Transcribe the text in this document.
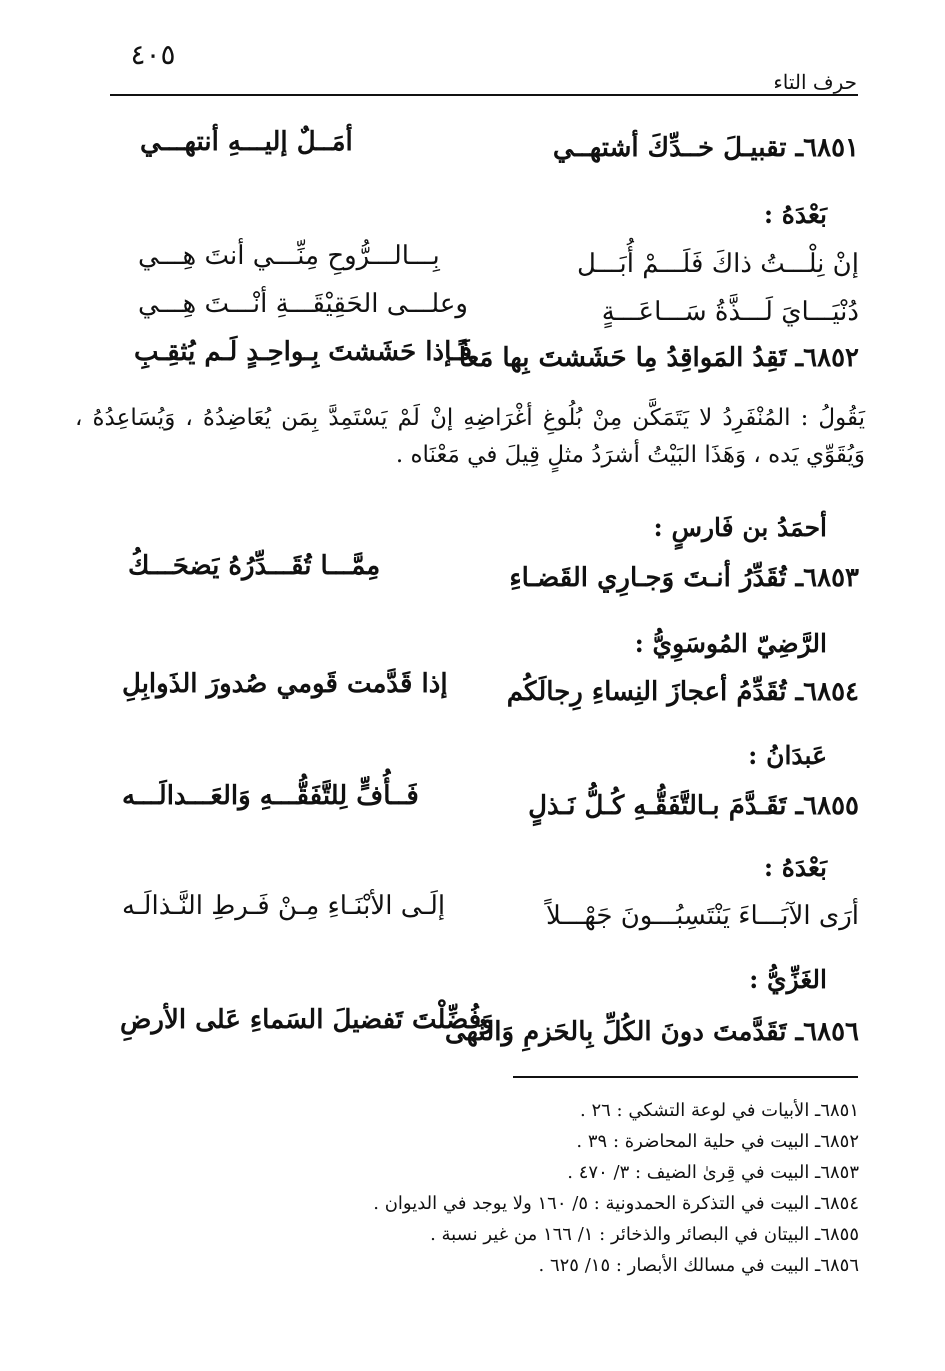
٤٠٥
حرف التاء
٦٨٥١ـ تقبيـلَ خــدِّكَ أشتهــي
أمَــلٌ إليـــهِ أنتهـــي
بَعْدَهُ :
إنْ نِلْـــتُ ذاكَ فَلَـــمْ أُبَـــل
بِـــالـــرُّوحِ مِنِّـــي أنتَ هِـــي
دُنْيَـــايَ لَـــذَّةُ سَـــاعَـــةٍ
وعلـــى الحَقِيْقَـــةِ أنْـــتَ هِـــي
٦٨٥٢ـ تَقِدُ المَواقِدُ مِا حَشَشتَ بِها مَعاً
فَـإذا حَشَشتَ بِـواحِـدٍ لَـم يُثقِـبِ
يَقُولُ : المُنْفَرِدُ لا يَتَمَكَّن مِنْ بُلُوغِ أغْرَاضِهِ إنْ لَمْ يَسْتَمِدَّ بِمَن يُعَاضِدُهُ ، وَيُسَاعِدُهُ ، وَيُقَوِّي يَده ، وَهَذَا البَيْتُ أشرَدُ مثلٍ قِيلَ في مَعْنَاه .
أحمَدُ بن فَارسٍ :
٦٨٥٣ـ تُقَدِّرُ أنـتَ وَجـارِي القَضـاءِ
مِمَّـــا تُقَـــدِّرُهُ يَضحَـــكُ
الرَّضِيّ المُوسَوِيُّ :
٦٨٥٤ـ تُقَدِّمُ أعجازَ النِساءِ رِجالَكُم
إذا قَدَّمت قَومي صُدورَ الذَوابِلِ
عَبدَانُ :
٦٨٥٥ـ تَقَـدَّمَ بـالتَّفَقُّـهِ كُـلُّ نَـذلٍ
فَــأُفٍّ لِلتَّفَقُّـــهِ وَالعَـــدالَـــه
بَعْدَهُ :
أرَى الآبَـــاءَ يَنْتَسِبُـــونَ جَهْـــلاً
إلَـى الأبْنَـاءِ مِـنْ فَـرطِ النَّـذالَـه
الغَزِّيُّ :
٦٨٥٦ـ تَقَدَّمتَ دونَ الكُلِّ بِالحَزمِ وَالنُهى
وَفُضِّلْتَ تَفضيلَ السَماءِ عَلى الأرضِ
٦٨٥١ـ الأبيات في لوعة التشكي : ٢٦ .
٦٨٥٢ـ البيت في حلية المحاضرة : ٣٩ .
٦٨٥٣ـ البيت في قِرىٰ الضيف : ٣/ ٤٧٠ .
٦٨٥٤ـ البيت في التذكرة الحمدونية : ٥/ ١٦٠ ولا يوجد في الديوان .
٦٨٥٥ـ البيتان في البصائر والذخائر : ١/ ١٦٦ من غير نسبة .
٦٨٥٦ـ البيت في مسالك الأبصار : ١٥/ ٦٢٥ .
